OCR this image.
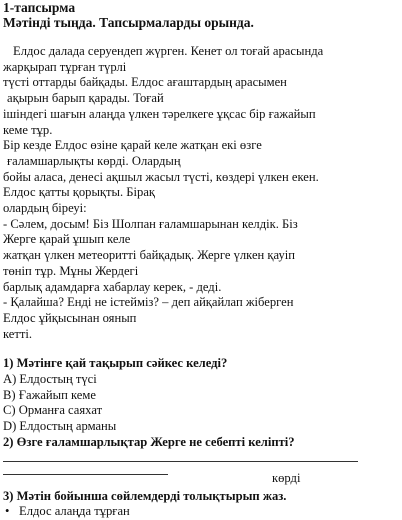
1-тапсырма

Мәтінді тыңда. Тапсырмаларды орында.

Елдос далада серуендеп жүрген. Кенет ол тоғай арасында
жарқырап тұрған түрлі
түсті оттарды байқады. Елдос ағаштардың арасымен
ақырын барып қарады. Тоғай
ішіндегі шағын алаңда үлкен тәрелкеге ұқсас бір ғажайып
кеме тұр.
Бір кезде Елдос өзіне қарай келе жатқан екі өзге
ғаламшарлықты көрді. Олардың
бойы аласа, денесі ақшыл жасыл түсті, көздері үлкен екен.
Елдос қатты қорықты. Бірақ
олардың біреуі:
- Сәлем, досым! Біз Шолпан ғаламшарынан келдік. Біз
Жерге қарай ұшып келе
жатқан үлкен метеоритті байқадық. Жерге үлкен қауіп
төніп тұр. Мұны Жердегі
барлық адамдарға хабарлау керек, - деді.
- Қалайша? Енді не істейміз? – деп айқайлап жіберген
Елдос ұйқысынан оянып
кетті.
1) Мәтінге қай тақырып сәйкес келеді?
A) Елдостың түсі
B) Ғажайып кеме
C) Орманға саяхат
D) Елдостың арманы
2) Өзге ғаламшарлықтар Жерге не себепті келіпті?
3) Мәтін бойынша сөйлемдерді толықтырып жаз.
• Елдос алаңда тұрған
көрді
